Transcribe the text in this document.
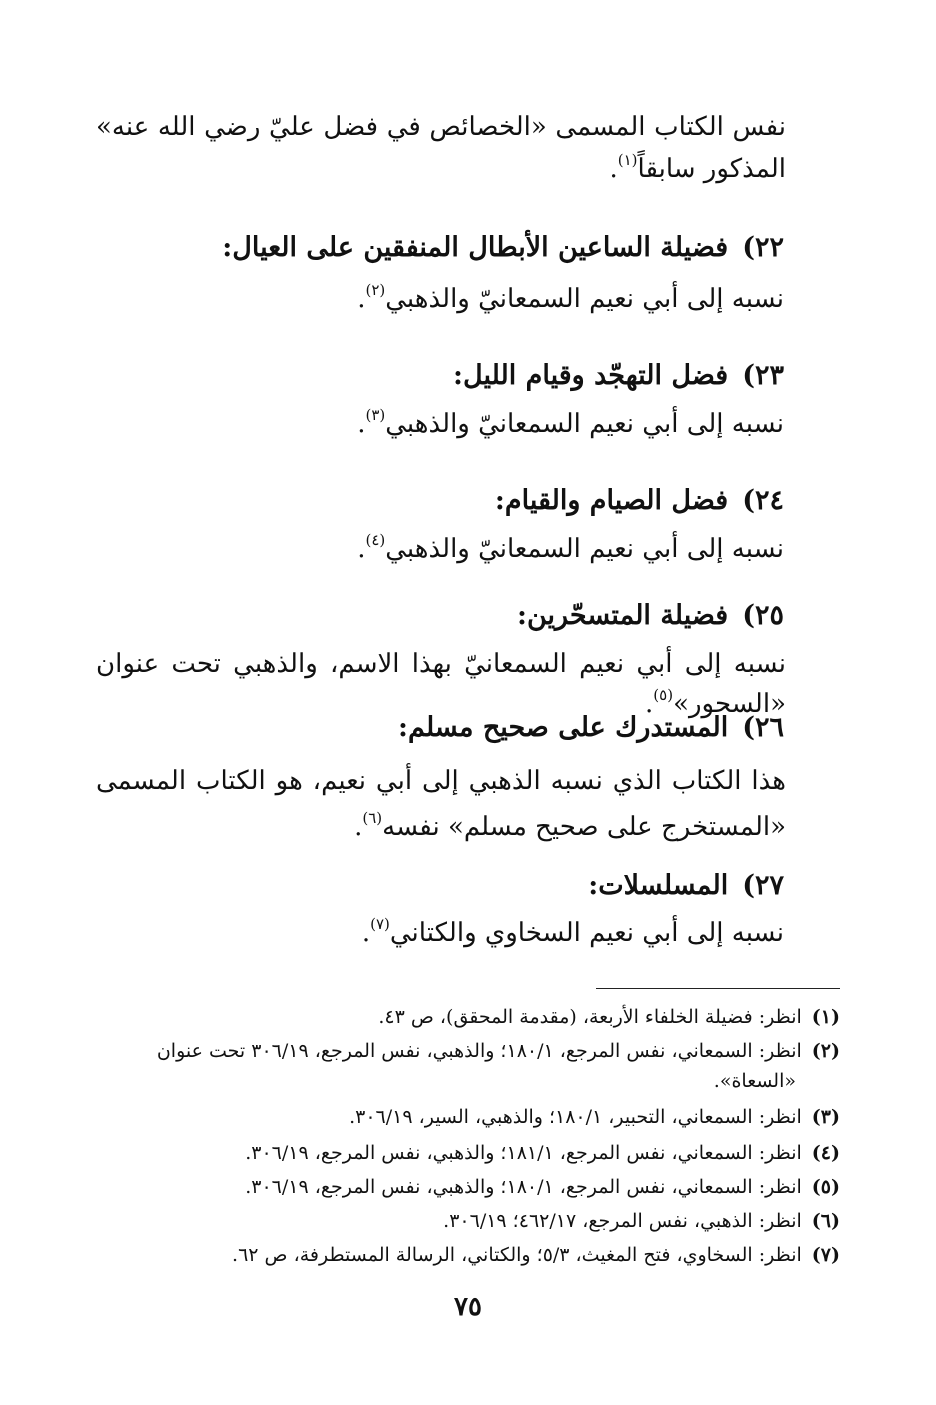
نفس الكتاب المسمى «الخصائص في فضل عليّ رضي الله عنه» المذكور سابقاً$^{(١)}$.
٢٢)فضيلة الساعين الأبطال المنفقين على العيال:
نسبه إلى أبي نعيم السمعانيّ والذهبي$^{(٢)}$.
٢٣)فضل التهجّد وقيام الليل:
نسبه إلى أبي نعيم السمعانيّ والذهبي$^{(٣)}$.
٢٤)فضل الصيام والقيام:
نسبه إلى أبي نعيم السمعانيّ والذهبي$^{(٤)}$.
٢٥)فضيلة المتسحّرين:
نسبه إلى أبي نعيم السمعانيّ بهذا الاسم، والذهبي تحت عنوان «السحور»$^{(٥)}$.
٢٦)المستدرك على صحيح مسلم:
هذا الكتاب الذي نسبه الذهبي إلى أبي نعيم، هو الكتاب المسمى «المستخرج على صحيح مسلم» نفسه$^{(٦)}$.
٢٧)المسلسلات:
نسبه إلى أبي نعيم السخاوي والكتاني$^{(٧)}$.
(١)انظر: فضيلة الخلفاء الأربعة، (مقدمة المحقق)، ص ٤٣.
(٢)انظر: السمعاني، نفس المرجع، ١٨٠/١؛ والذهبي، نفس المرجع، ٣٠٦/١٩ تحت عنوان «السعاة».
(٣)انظر: السمعاني، التحبير، ١٨٠/١؛ والذهبي، السير، ٣٠٦/١٩.
(٤)انظر: السمعاني، نفس المرجع، ١٨١/١؛ والذهبي، نفس المرجع، ٣٠٦/١٩.
(٥)انظر: السمعاني، نفس المرجع، ١٨٠/١؛ والذهبي، نفس المرجع، ٣٠٦/١٩.
(٦)انظر: الذهبي، نفس المرجع، ٤٦٢/١٧؛ ٣٠٦/١٩.
(٧)انظر: السخاوي، فتح المغيث، ٥/٣؛ والكتاني، الرسالة المستطرفة، ص ٦٢.
٧٥
